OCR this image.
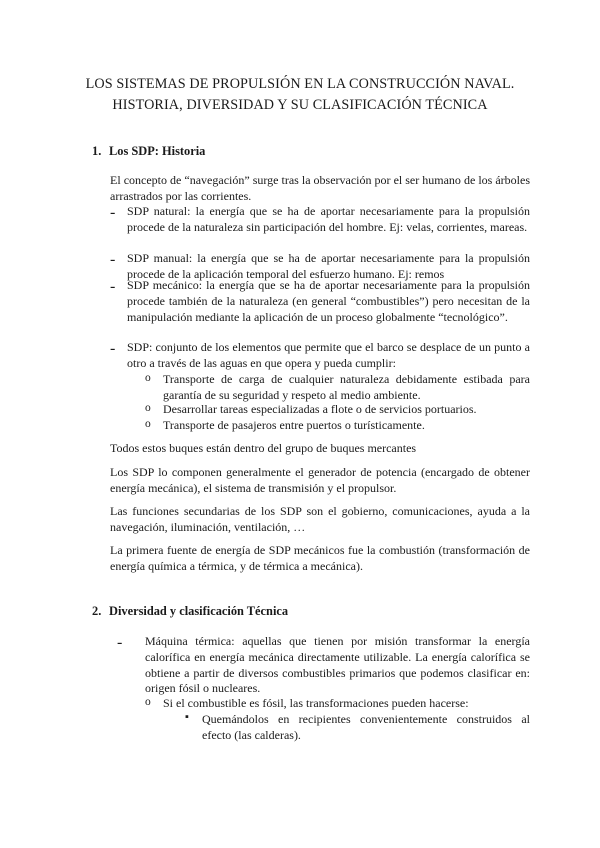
LOS SISTEMAS DE PROPULSIÓN EN LA CONSTRUCCIÓN NAVAL.
HISTORIA, DIVERSIDAD Y SU CLASIFICACIÓN TÉCNICA
1. Los SDP: Historia

El concepto de “navegación” surge tras la observación por el ser humano de los árboles arrastrados por las corrientes.

- SDP natural: la energía que se ha de aportar necesariamente para la propulsión procede de la naturaleza sin participación del hombre. Ej: velas, corrientes, mareas.

- SDP manual: la energía que se ha de aportar necesariamente para la propulsión procede de la aplicación temporal del esfuerzo humano. Ej: remos

- SDP mecánico: la energía que se ha de aportar necesariamente para la propulsión procede también de la naturaleza (en general “combustibles”) pero necesitan de la manipulación mediante la aplicación de un proceso globalmente “tecnológico”.

- SDP: conjunto de los elementos que permite que el barco se desplace de un punto a otro a través de las aguas en que opera y pueda cumplir:

o Transporte de carga de cualquier naturaleza debidamente estibada para garantía de su seguridad y respeto al medio ambiente.

o Desarrollar tareas especializadas a flote o de servicios portuarios.

o Transporte de pasajeros entre puertos o turísticamente.

Todos estos buques están dentro del grupo de buques mercantes

Los SDP lo componen generalmente el generador de potencia (encargado de obtener energía mecánica), el sistema de transmisión y el propulsor.

Las funciones secundarias de los SDP son el gobierno, comunicaciones, ayuda a la navegación, iluminación, ventilación, …

La primera fuente de energía de SDP mecánicos fue la combustión (transformación de energía química a térmica, y de térmica a mecánica).

2. Diversidad y clasificación Técnica
- Máquina térmica: aquellas que tienen por misión transformar la energía calorífica en energía mecánica directamente utilizable. La energía calorífica se obtiene a partir de diversos combustibles primarios que podemos clasificar en: origen fósil o nucleares.

o Si el combustible es fósil, las transformaciones pueden hacerse:

▪ Quemándolos en recipientes convenientemente construidos al efecto (las calderas).
